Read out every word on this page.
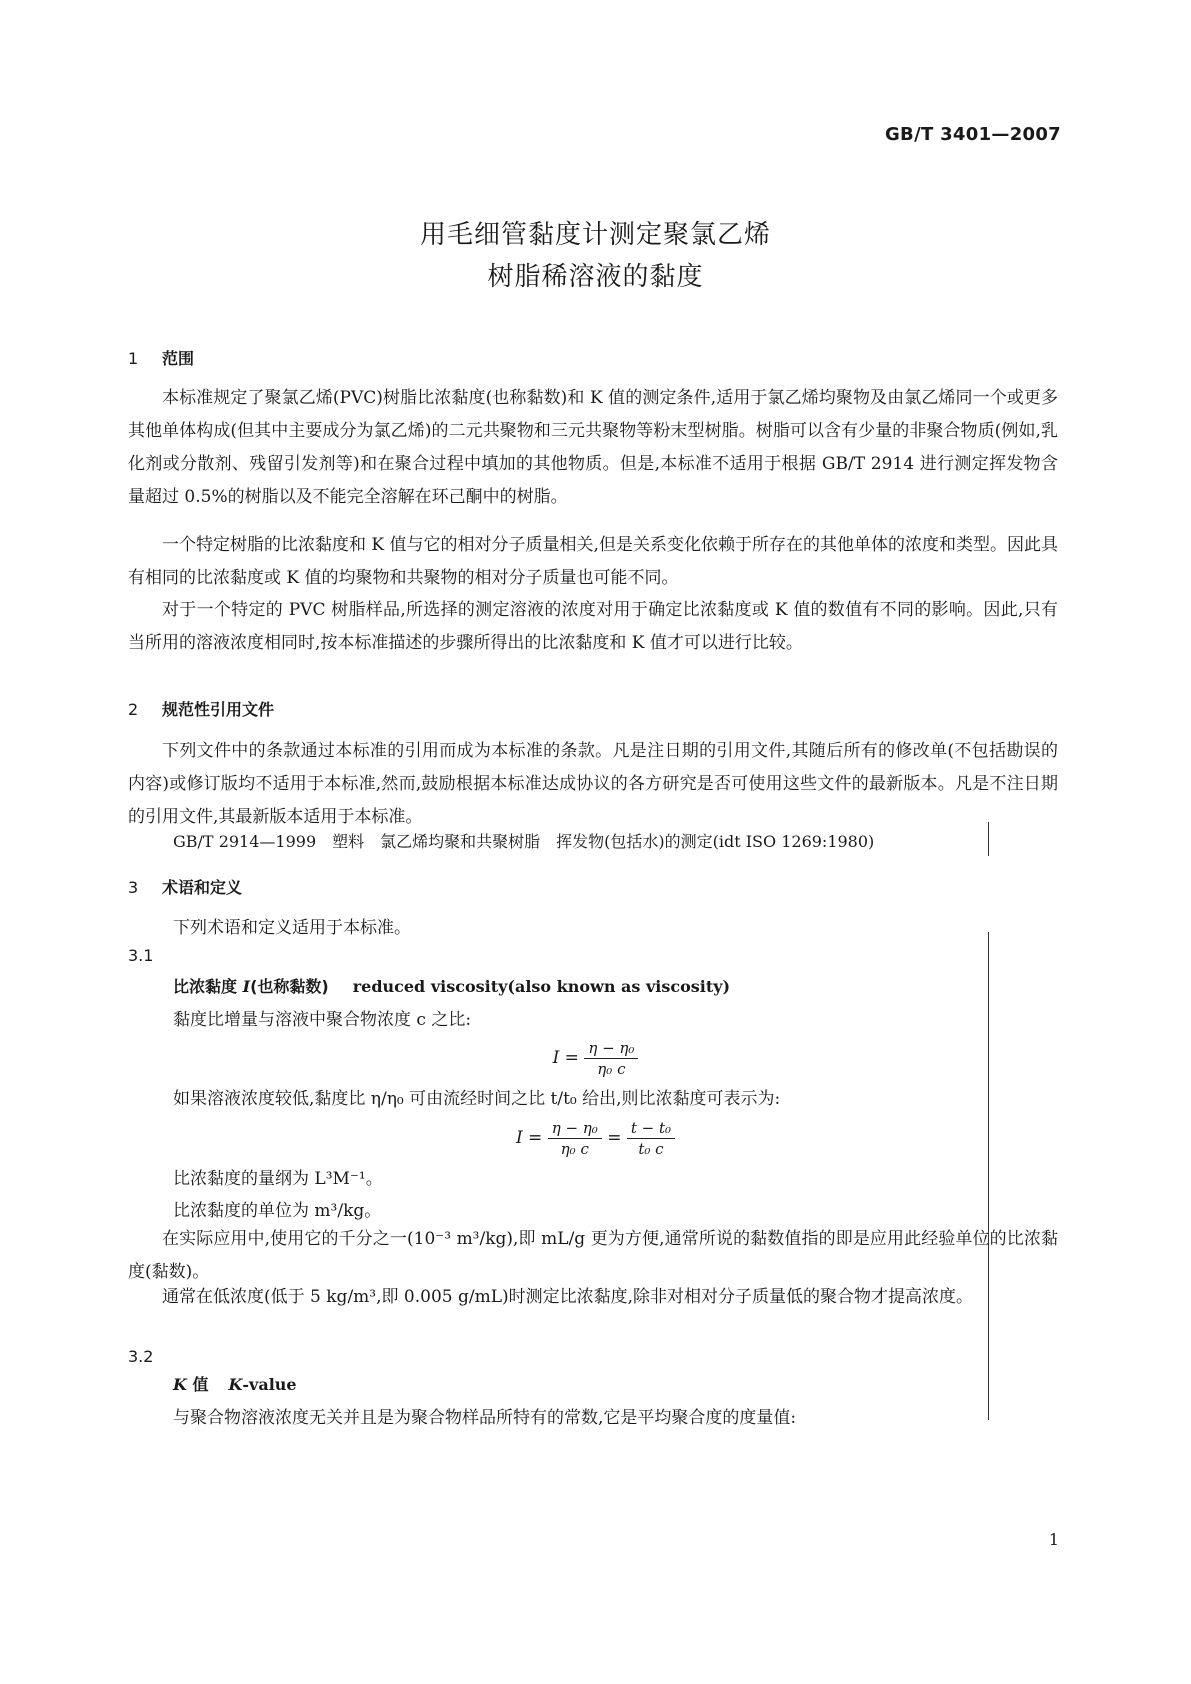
GB/T 3401—2007
用毛细管黏度计测定聚氯乙烯
树脂稀溶液的黏度
1 范围
本标准规定了聚氯乙烯(PVC)树脂比浓黏度(也称黏数)和 K 值的测定条件,适用于氯乙烯均聚物及由氯乙烯同一个或更多其他单体构成(但其中主要成分为氯乙烯)的二元共聚物和三元共聚物等粉末型树脂。树脂可以含有少量的非聚合物质(例如,乳化剂或分散剂、残留引发剂等)和在聚合过程中填加的其他物质。但是,本标准不适用于根据 GB/T 2914 进行测定挥发物含量超过 0.5%的树脂以及不能完全溶解在环己酮中的树脂。
一个特定树脂的比浓黏度和 K 值与它的相对分子质量相关,但是关系变化依赖于所存在的其他单体的浓度和类型。因此具有相同的比浓黏度或 K 值的均聚物和共聚物的相对分子质量也可能不同。
对于一个特定的 PVC 树脂样品,所选择的测定溶液的浓度对用于确定比浓黏度或 K 值的数值有不同的影响。因此,只有当所用的溶液浓度相同时,按本标准描述的步骤所得出的比浓黏度和 K 值才可以进行比较。
2 规范性引用文件
下列文件中的条款通过本标准的引用而成为本标准的条款。凡是注日期的引用文件,其随后所有的修改单(不包括勘误的内容)或修订版均不适用于本标准,然而,鼓励根据本标准达成协议的各方研究是否可使用这些文件的最新版本。凡是不注日期的引用文件,其最新版本适用于本标准。
GB/T 2914—1999　塑料　氯乙烯均聚和共聚树脂　挥发物(包括水)的测定(idt ISO 1269:1980)
3 术语和定义
下列术语和定义适用于本标准。
3.1
比浓黏度 I(也称黏数) reduced viscosity(also known as viscosity)
黏度比增量与溶液中聚合物浓度 c 之比:
$I = \frac{\text{η − η₀}}{\text{η₀ c}}$
如果溶液浓度较低,黏度比 η/η₀ 可由流经时间之比 t/t₀ 给出,则比浓黏度可表示为:
$I = \frac{\text{η − η₀}}{\text{η₀ c}} = \frac{\text{t − t₀}}{\text{t₀ c}}$
比浓黏度的量纲为 L³M⁻¹。
比浓黏度的单位为 m³/kg。
在实际应用中,使用它的千分之一(10⁻³ m³/kg),即 mL/g 更为方便,通常所说的黏数值指的即是应用此经验单位的比浓黏度(黏数)。
通常在低浓度(低于 5 kg/m³,即 0.005 g/mL)时测定比浓黏度,除非对相对分子质量低的聚合物才提高浓度。
3.2
K 值 K-value
与聚合物溶液浓度无关并且是为聚合物样品所特有的常数,它是平均聚合度的度量值:
1
